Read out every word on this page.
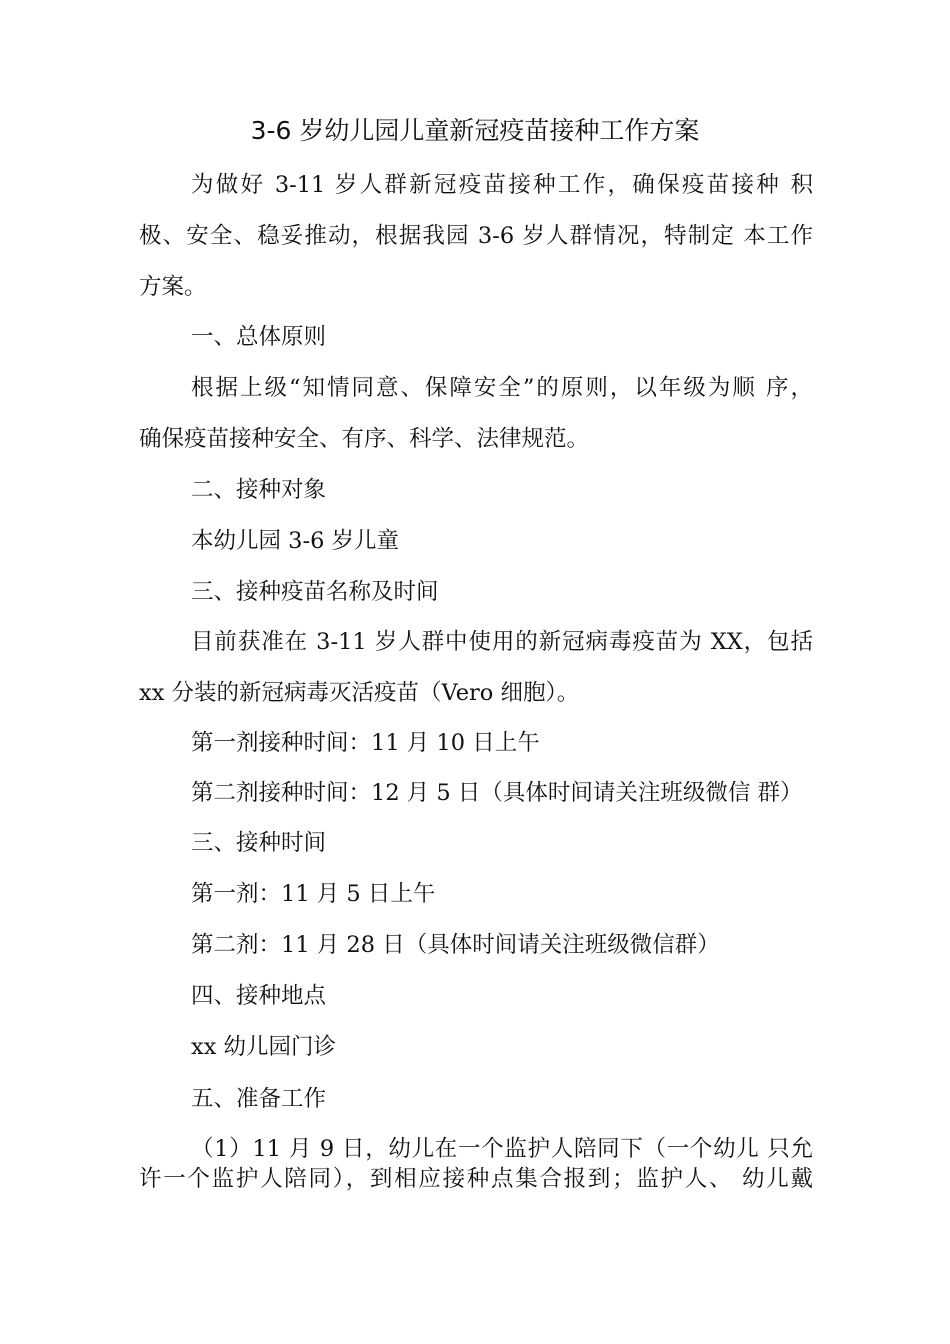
3-6 岁幼儿园儿童新冠疫苗接种工作方案
为做好 3-11 岁人群新冠疫苗接种工作，确保疫苗接种 积
极、安全、稳妥推动，根据我园 3-6 岁人群情况，特制定 本工作
方案。
一、总体原则
根据上级“知情同意、保障安全”的原则，以年级为顺 序，
确保疫苗接种安全、有序、科学、法律规范。
二、接种对象
本幼儿园 3-6 岁儿童
三、接种疫苗名称及时间
目前获准在 3-11 岁人群中使用的新冠病毒疫苗为 XX，包括
xx 分装的新冠病毒灭活疫苗（Vero 细胞）。
第一剂接种时间：11 月 10 日上午
第二剂接种时间：12 月 5 日（具体时间请关注班级微信 群）
三、接种时间
第一剂：11 月 5 日上午
第二剂：11 月 28 日（具体时间请关注班级微信群）
四、接种地点
xx 幼儿园门诊
五、准备工作
（1）11 月 9 日，幼儿在一个监护人陪同下（一个幼儿 只允
许一个监护人陪同），到相应接种点集合报到；监护人、 幼儿戴
